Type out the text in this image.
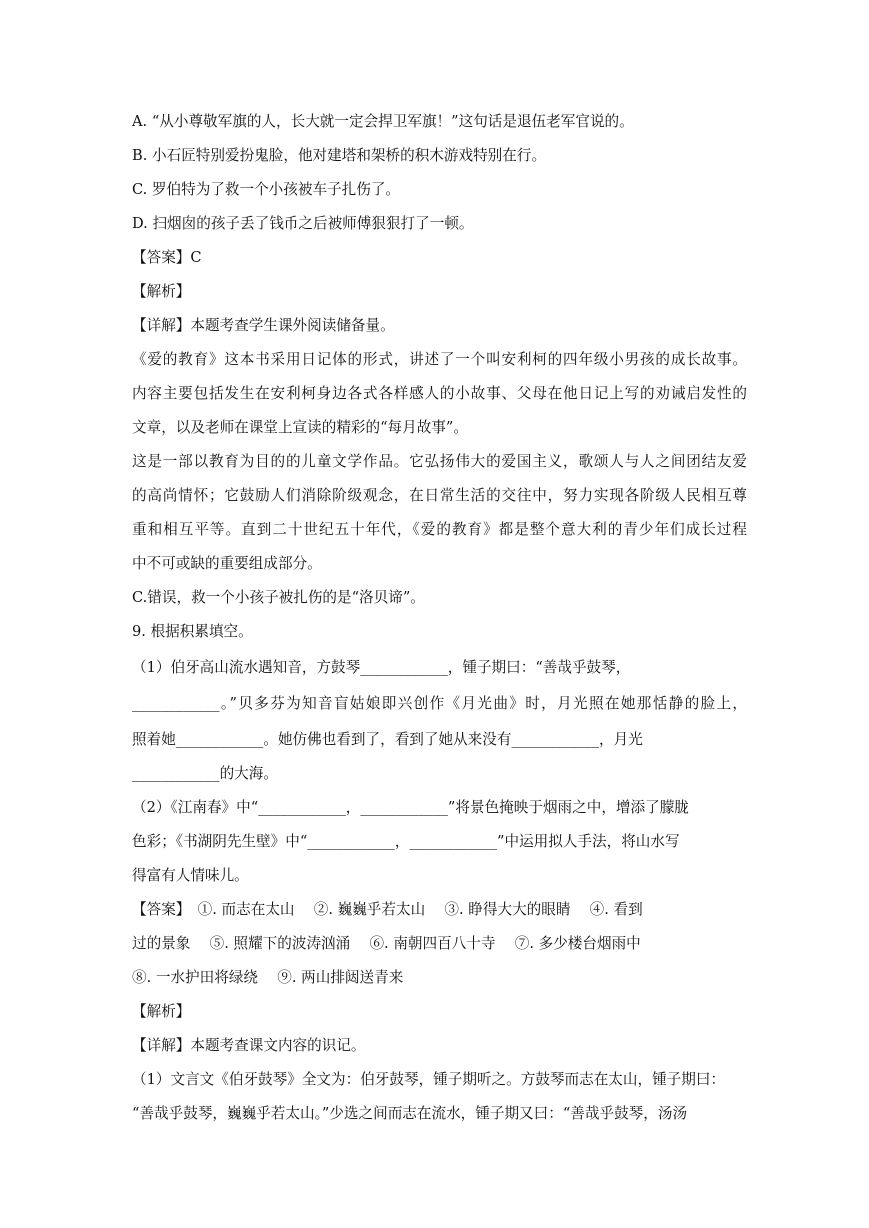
A. “从小尊敬军旗的人，长大就一定会捍卫军旗！”这句话是退伍老军官说的。
B. 小石匠特别爱扮鬼脸，他对建塔和架桥的积木游戏特别在行。
C. 罗伯特为了救一个小孩被车子扎伤了。
D. 扫烟囱的孩子丢了钱币之后被师傅狠狠打了一顿。
【答案】C
【解析】
【详解】本题考查学生课外阅读储备量。
《爱的教育》这本书采用日记体的形式，讲述了一个叫安利柯的四年级小男孩的成长故事。
内容主要包括发生在安利柯身边各式各样感人的小故事、父母在他日记上写的劝诫启发性的
文章，以及老师在课堂上宣读的精彩的“每月故事”。
这是一部以教育为目的的儿童文学作品。它弘扬伟大的爱国主义，歌颂人与人之间团结友爱
的高尚情怀；它鼓励人们消除阶级观念，在日常生活的交往中，努力实现各阶级人民相互尊
重和相互平等。直到二十世纪五十年代，《爱的教育》都是整个意大利的青少年们成长过程
中不可或缺的重要组成部分。
C.错误，救一个小孩子被扎伤的是“洛贝谛”。
9. 根据积累填空。
（1）伯牙高山流水遇知音，方鼓琴____________，锺子期曰：“善哉乎鼓琴，
____________。”贝多芬为知音盲姑娘即兴创作《月光曲》时，月光照在她那恬静的脸上，
照着她____________。她仿佛也看到了，看到了她从来没有____________，月光
____________的大海。
（2）《江南春》中“____________，____________”将景色掩映于烟雨之中，增添了朦胧
色彩；《书湖阴先生壁》中“____________，____________”中运用拟人手法，将山水写
得富有人情味儿。
【答案】　①. 而志在太山　 ②. 巍巍乎若太山　 ③. 睁得大大的眼睛　 ④. 看到
过的景象　 ⑤. 照耀下的波涛汹涌　 ⑥. 南朝四百八十寺　 ⑦. 多少楼台烟雨中
⑧. 一水护田将绿绕　 ⑨. 两山排闼送青来
【解析】
【详解】本题考查课文内容的识记。
（1）文言文《伯牙鼓琴》全文为：伯牙鼓琴，锺子期听之。方鼓琴而志在太山，锺子期曰：
“善哉乎鼓琴，巍巍乎若太山。”少选之间而志在流水，锺子期又曰：“善哉乎鼓琴，汤汤
